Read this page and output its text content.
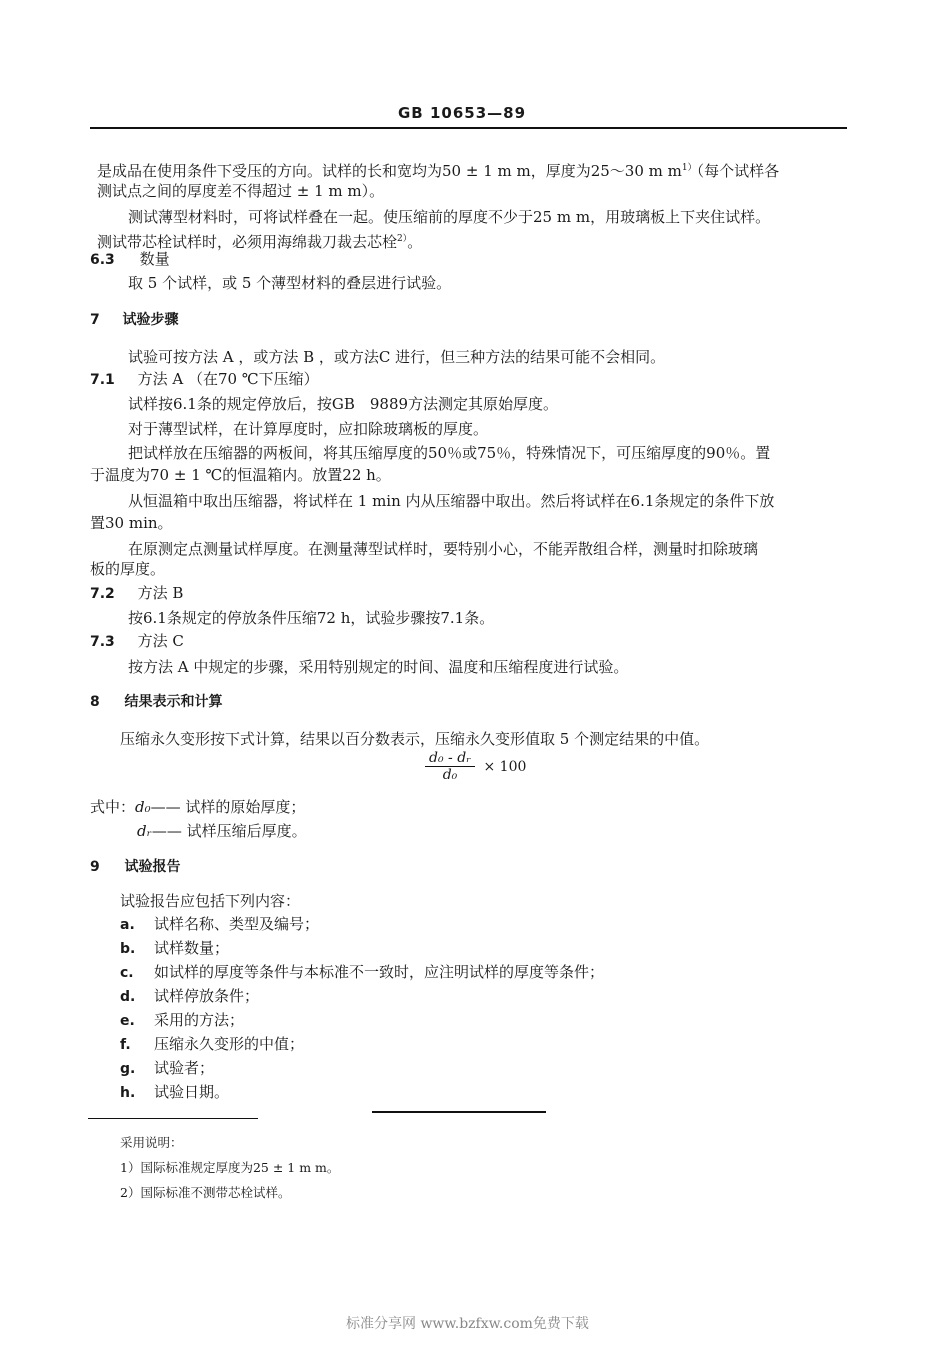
GB 10653—89
是成品在使用条件下受压的方向。试样的长和宽均为50 ± 1 m m，厚度为25～30 m $m^{1)}$（每个试样各
测试点之间的厚度差不得超过 ± 1 m m）。
测试薄型材料时，可将试样叠在一起。使压缩前的厚度不少于25 m m，用玻璃板上下夹住试样。
测试带芯栓试样时，必须用海绵裁刀裁去芯栓$^{2)}$。
6.3 数量
取 5 个试样，或 5 个薄型材料的叠层进行试验。
7 试验步骤
试验可按方法 A ，或方法 B ，或方法C 进行，但三种方法的结果可能不会相同。
7.1 方法 A （在70 ℃下压缩）
试样按6.1条的规定停放后，按GB　9889方法测定其原始厚度。
对于薄型试样，在计算厚度时，应扣除玻璃板的厚度。
把试样放在压缩器的两板间，将其压缩厚度的50％或75％，特殊情况下，可压缩厚度的90％。置
于温度为70 ± 1 ℃的恒温箱内。放置22 h。
从恒温箱中取出压缩器，将试样在 1 min 内从压缩器中取出。然后将试样在6.1条规定的条件下放
置30 min。
在原测定点测量试样厚度。在测量薄型试样时，要特别小心，不能弄散组合样，测量时扣除玻璃
板的厚度。
7.2 方法 B
按6.1条规定的停放条件压缩72 h，试验步骤按7.1条。
7.3 方法 C
按方法 A 中规定的步骤，采用特别规定的时间、温度和压缩程度进行试验。
8 结果表示和计算
压缩永久变形按下式计算，结果以百分数表示，压缩永久变形值取 5 个测定结果的中值。
$\frac{\text{d₀ - dᵣ}}{\text{d₀}} \times 100$
式中：d₀—— 试样的原始厚度；
dᵣ—— 试样压缩后厚度。
9 试验报告
试验报告应包括下列内容：
a. 试样名称、类型及编号；
b. 试样数量；
c. 如试样的厚度等条件与本标准不一致时，应注明试样的厚度等条件；
d. 试样停放条件；
e. 采用的方法；
f. 压缩永久变形的中值；
g. 试验者；
h. 试验日期。
采用说明：
1）国际标准规定厚度为25 ± 1 m m。
2）国际标准不测带芯栓试样。
标准分享网 www.bzfxw.com免费下载
